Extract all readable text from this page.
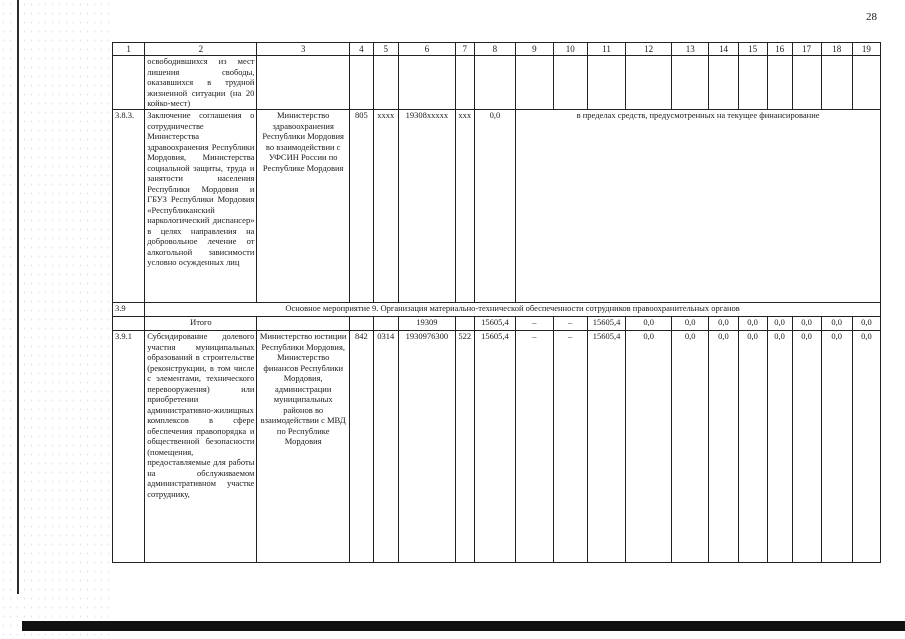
28
1	2	3	4	5	6	7	8	9	10	11	12	13	14	15	16	17	18	19
	освободившихся из мест лишения свободы, оказавшихся в трудной жизненной ситуации (на 20 койко-мест)																	
3.8.3.	Заключение соглашения о сотрудничестве Министерства здравоохранения Республики Мордовия, Министерства социальной защиты, труда и занятости населения Республики Мордовия и ГБУЗ Республики Мордовия «Республиканский наркологический диспансер» в целях направления на добровольное лечение от алкогольной зависимости условно осужденных лиц	Министерство здравоохранения Республики Мордовия во взаимодействии с УФСИН России по Республике Мордовия	805	хххх	19308ххххх	ххх	0,0	в пределах средств, предусмотренных на текущее финансирование										
3.9	Основное мероприятие 9. Организация материально-технической обеспеченности сотрудников правоохранительных органов																	
	Итого				19309		15605,4	–	–	15605,4	0,0	0,0	0,0	0,0	0,0	0,0	0,0	0,0
3.9.1	Субсидирование долевого участия муниципальных образований в строительстве (реконструкции, в том числе с элементами, технического перевооружения) или приобретении административно-жилищных комплексов в сфере обеспечения правопорядка и общественной безопасности (помещения, предоставляемые для работы на обслуживаемом административном участке сотруднику,	Министерство юстиции Республики Мордовия, Министерство финансов Республики Мордовия, администрации муниципальных районов во взаимодействии с МВД по Республике Мордовия	842	0314	1930976300	522	15605,4	–	–	15605,4	0,0	0,0	0,0	0,0	0,0	0,0	0,0	0,0
